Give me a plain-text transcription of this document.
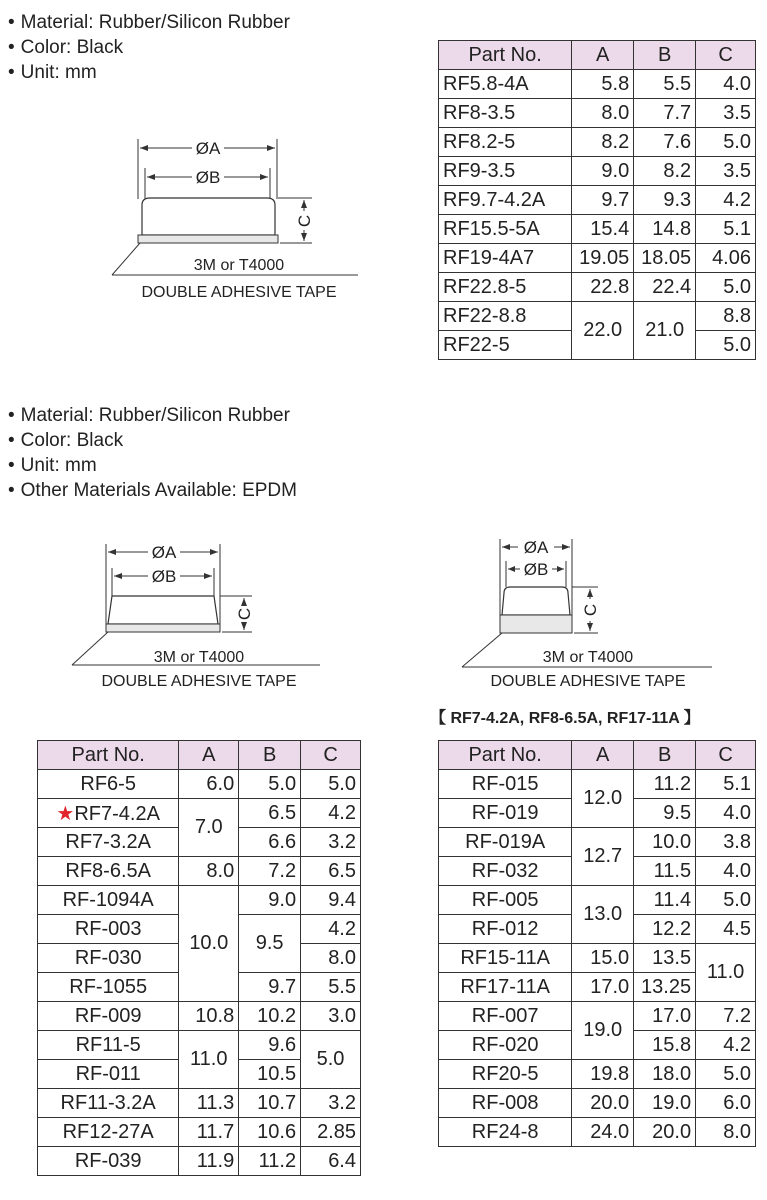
• Material: Rubber/Silicon Rubber
• Color: Black
• Unit: mm
ØA
ØB
C
3M or T4000
DOUBLE ADHESIVE TAPE
Part No.	A	B	C
RF5.8-4A	5.8	5.5	4.0
RF8-3.5	8.0	7.7	3.5
RF8.2-5	8.2	7.6	5.0
RF9-3.5	9.0	8.2	3.5
RF9.7-4.2A	9.7	9.3	4.2
RF15.5-5A	15.4	14.8	5.1
RF19-4A7	19.05	18.05	4.06
RF22.8-5	22.8	22.4	5.0
RF22-8.8	22.0	21.0	8.8
RF22-5			5.0
• Material: Rubber/Silicon Rubber
• Color: Black
• Unit: mm
• Other Materials Available: EPDM
ØA
ØB
C
3M or T4000
DOUBLE ADHESIVE TAPE
ØA
ØB
C
3M or T4000
DOUBLE ADHESIVE TAPE
【 RF7-4.2A, RF8-6.5A, RF17-11A 】
Part No.	A	B	C
RF6-5	6.0	5.0	5.0
★RF7-4.2A	7.0	6.5	4.2
RF7-3.2A		6.6	3.2
RF8-6.5A	8.0	7.2	6.5
RF-1094A	10.0	9.0	9.4
RF-003		9.5	4.2
RF-030			8.0
RF-1055		9.7	5.5
RF-009	10.8	10.2	3.0
RF11-5	11.0	9.6	5.0
RF-011		10.5	
RF11-3.2A	11.3	10.7	3.2
RF12-27A	11.7	10.6	2.85
RF-039	11.9	11.2	6.4
Part No.	A	B	C
RF-015	12.0	11.2	5.1
RF-019		9.5	4.0
RF-019A	12.7	10.0	3.8
RF-032		11.5	4.0
RF-005	13.0	11.4	5.0
RF-012		12.2	4.5
RF15-11A	15.0	13.5	11.0
RF17-11A	17.0	13.25	
RF-007	19.0	17.0	7.2
RF-020		15.8	4.2
RF20-5	19.8	18.0	5.0
RF-008	20.0	19.0	6.0
RF24-8	24.0	20.0	8.0
